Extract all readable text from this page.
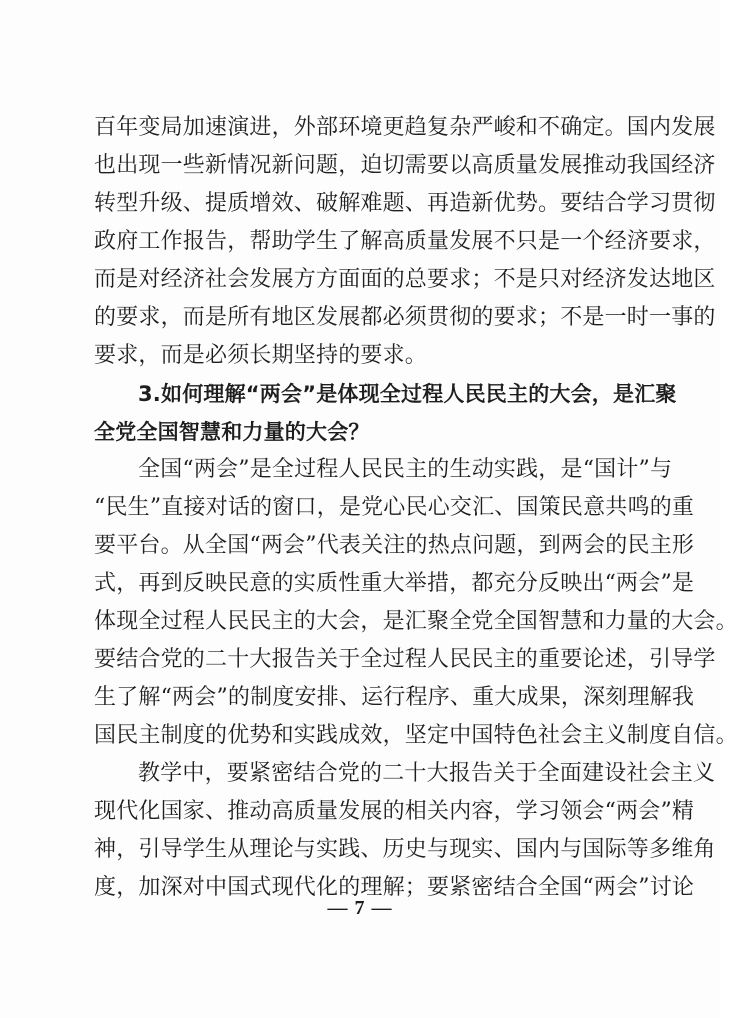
百年变局加速演进，外部环境更趋复杂严峻和不确定。国内发展
也出现一些新情况新问题，迫切需要以高质量发展推动我国经济
转型升级、提质增效、破解难题、再造新优势。要结合学习贯彻
政府工作报告，帮助学生了解高质量发展不只是一个经济要求，
而是对经济社会发展方方面面的总要求；不是只对经济发达地区
的要求，而是所有地区发展都必须贯彻的要求；不是一时一事的
要求，而是必须长期坚持的要求。
3.如何理解“两会”是体现全过程人民民主的大会，是汇聚
全党全国智慧和力量的大会？
全国“两会”是全过程人民民主的生动实践，是“国计”与
“民生”直接对话的窗口，是党心民心交汇、国策民意共鸣的重
要平台。从全国“两会”代表关注的热点问题，到两会的民主形
式，再到反映民意的实质性重大举措，都充分反映出“两会”是
体现全过程人民民主的大会，是汇聚全党全国智慧和力量的大会。
要结合党的二十大报告关于全过程人民民主的重要论述，引导学
生了解“两会”的制度安排、运行程序、重大成果，深刻理解我
国民主制度的优势和实践成效，坚定中国特色社会主义制度自信。
教学中，要紧密结合党的二十大报告关于全面建设社会主义
现代化国家、推动高质量发展的相关内容，学习领会“两会”精
神，引导学生从理论与实践、历史与现实、国内与国际等多维角
度，加深对中国式现代化的理解；要紧密结合全国“两会”讨论
— 7 —
